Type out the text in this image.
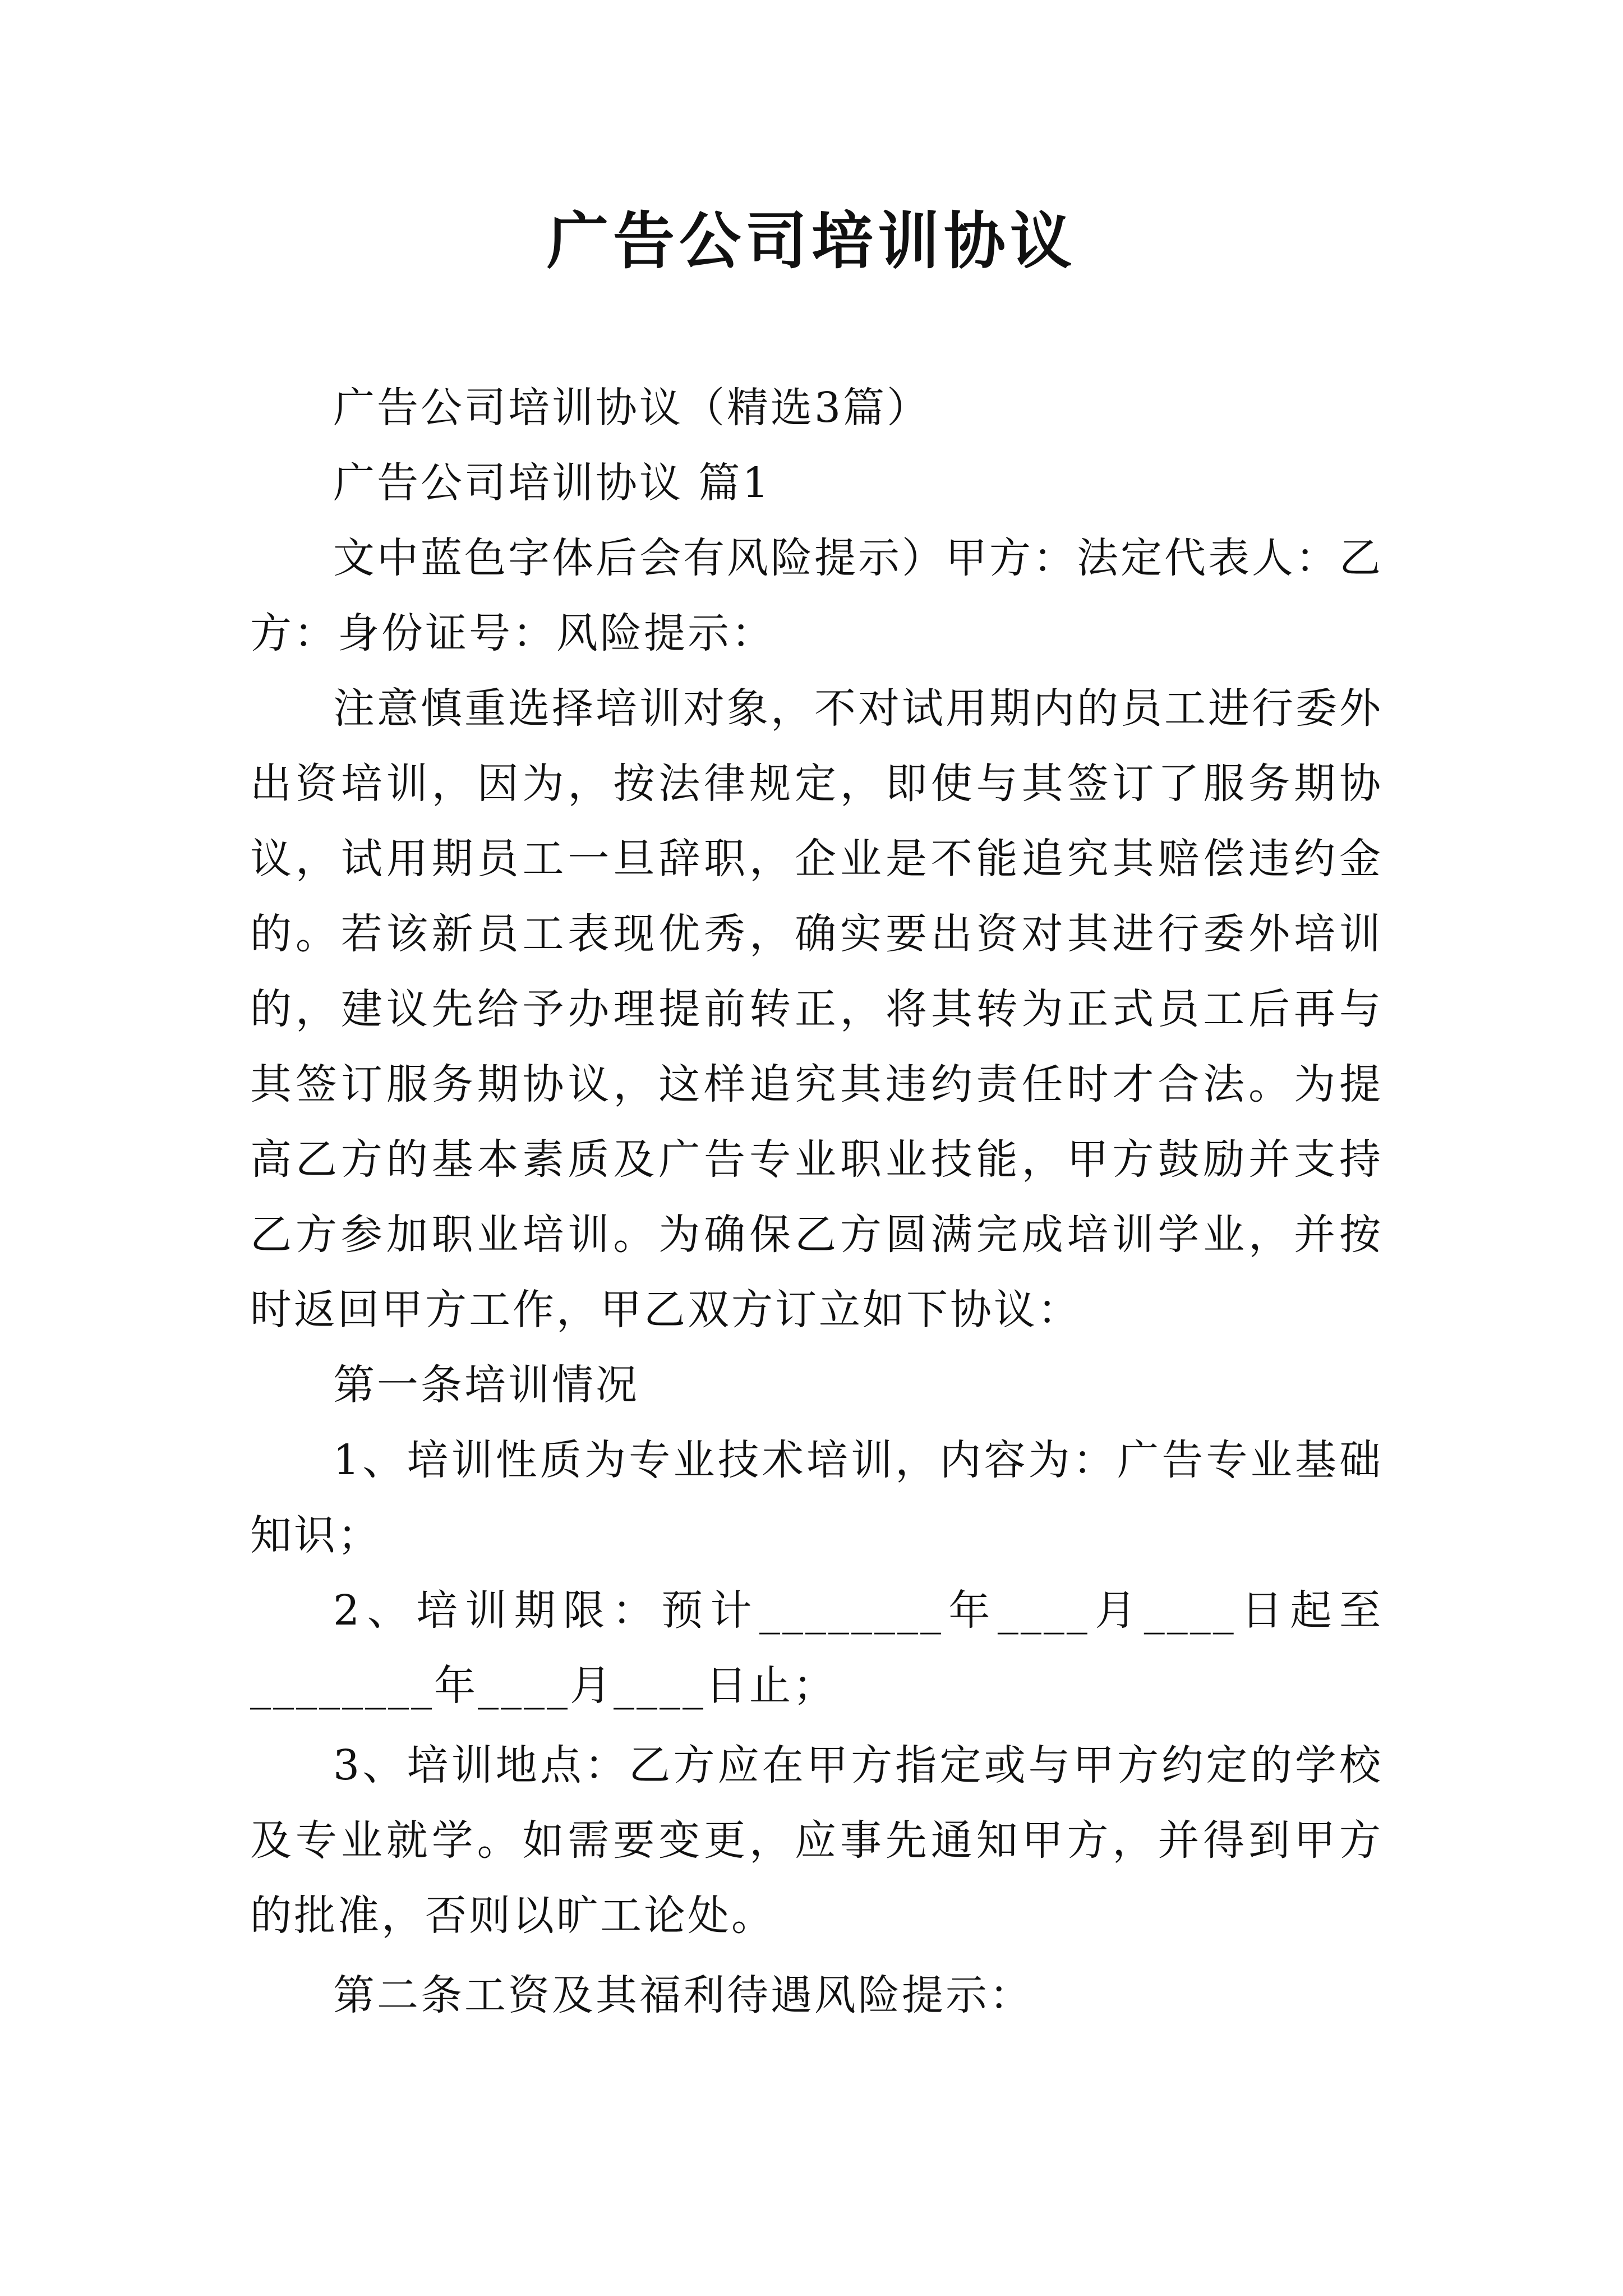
广告公司培训协议

广告公司培训协议（精选3篇）

广告公司培训协议 篇1

文中蓝色字体后会有风险提示）甲方：法定代表人：乙方：身份证号：风险提示：

注意慎重选择培训对象，不对试用期内的员工进行委外出资培训，因为，按法律规定，即使与其签订了服务期协议，试用期员工一旦辞职，企业是不能追究其赔偿违约金的。若该新员工表现优秀，确实要出资对其进行委外培训的，建议先给予办理提前转正，将其转为正式员工后再与其签订服务期协议，这样追究其违约责任时才合法。为提高乙方的基本素质及广告专业职业技能，甲方鼓励并支持乙方参加职业培训。为确保乙方圆满完成培训学业，并按时返回甲方工作，甲乙双方订立如下协议：

第一条培训情况

1、培训性质为专业技术培训，内容为：广告专业基础知识；

2、培训期限：预计________年____月____日起至________年____月____日止；

3、培训地点：乙方应在甲方指定或与甲方约定的学校及专业就学。如需要变更，应事先通知甲方，并得到甲方的批准，否则以旷工论处。

第二条工资及其福利待遇风险提示：
